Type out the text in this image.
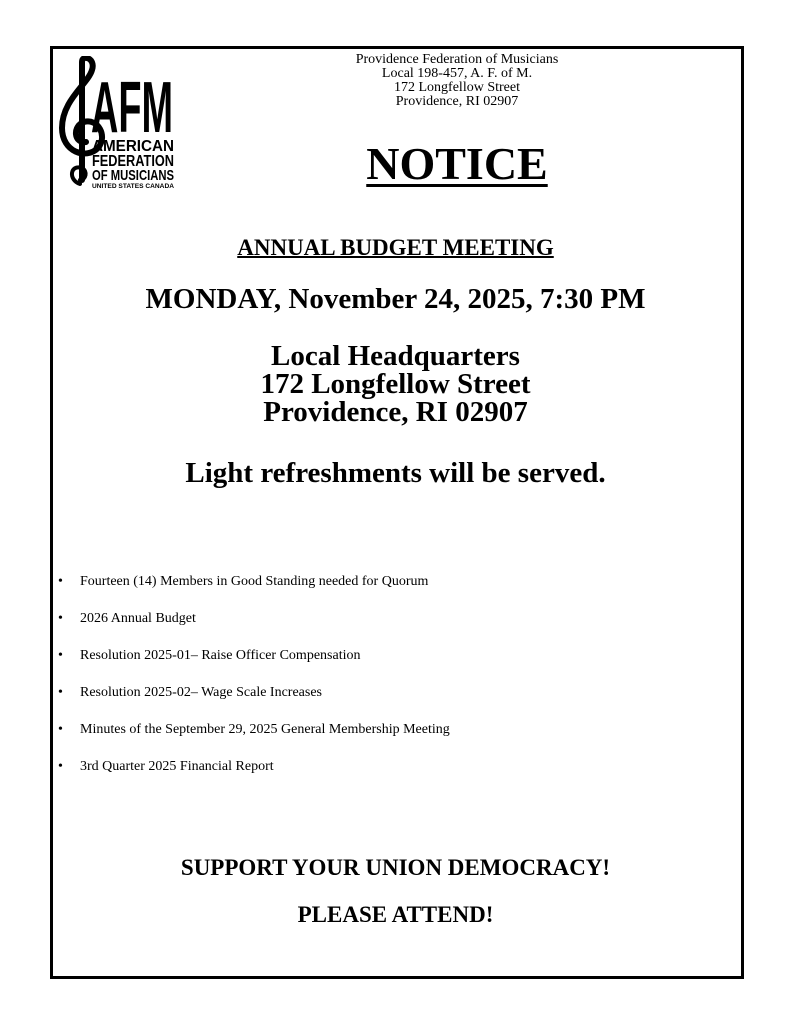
AFM
AMERICAN
FEDERATION
OF MUSICIANS
UNITED STATES CANADA
Providence Federation of Musicians
Local 198-457, A. F. of M.
172 Longfellow Street
Providence, RI 02907
NOTICE
ANNUAL BUDGET MEETING
MONDAY, November 24, 2025, 7:30 PM
Local Headquarters
172 Longfellow Street
Providence, RI 02907
Light refreshments will be served.
• Fourteen (14) Members in Good Standing needed for Quorum
• 2026 Annual Budget
• Resolution 2025-01– Raise Officer Compensation
• Resolution 2025-02– Wage Scale Increases
• Minutes of the September 29, 2025 General Membership Meeting
• 3rd Quarter 2025 Financial Report
SUPPORT YOUR UNION DEMOCRACY!
PLEASE ATTEND!
